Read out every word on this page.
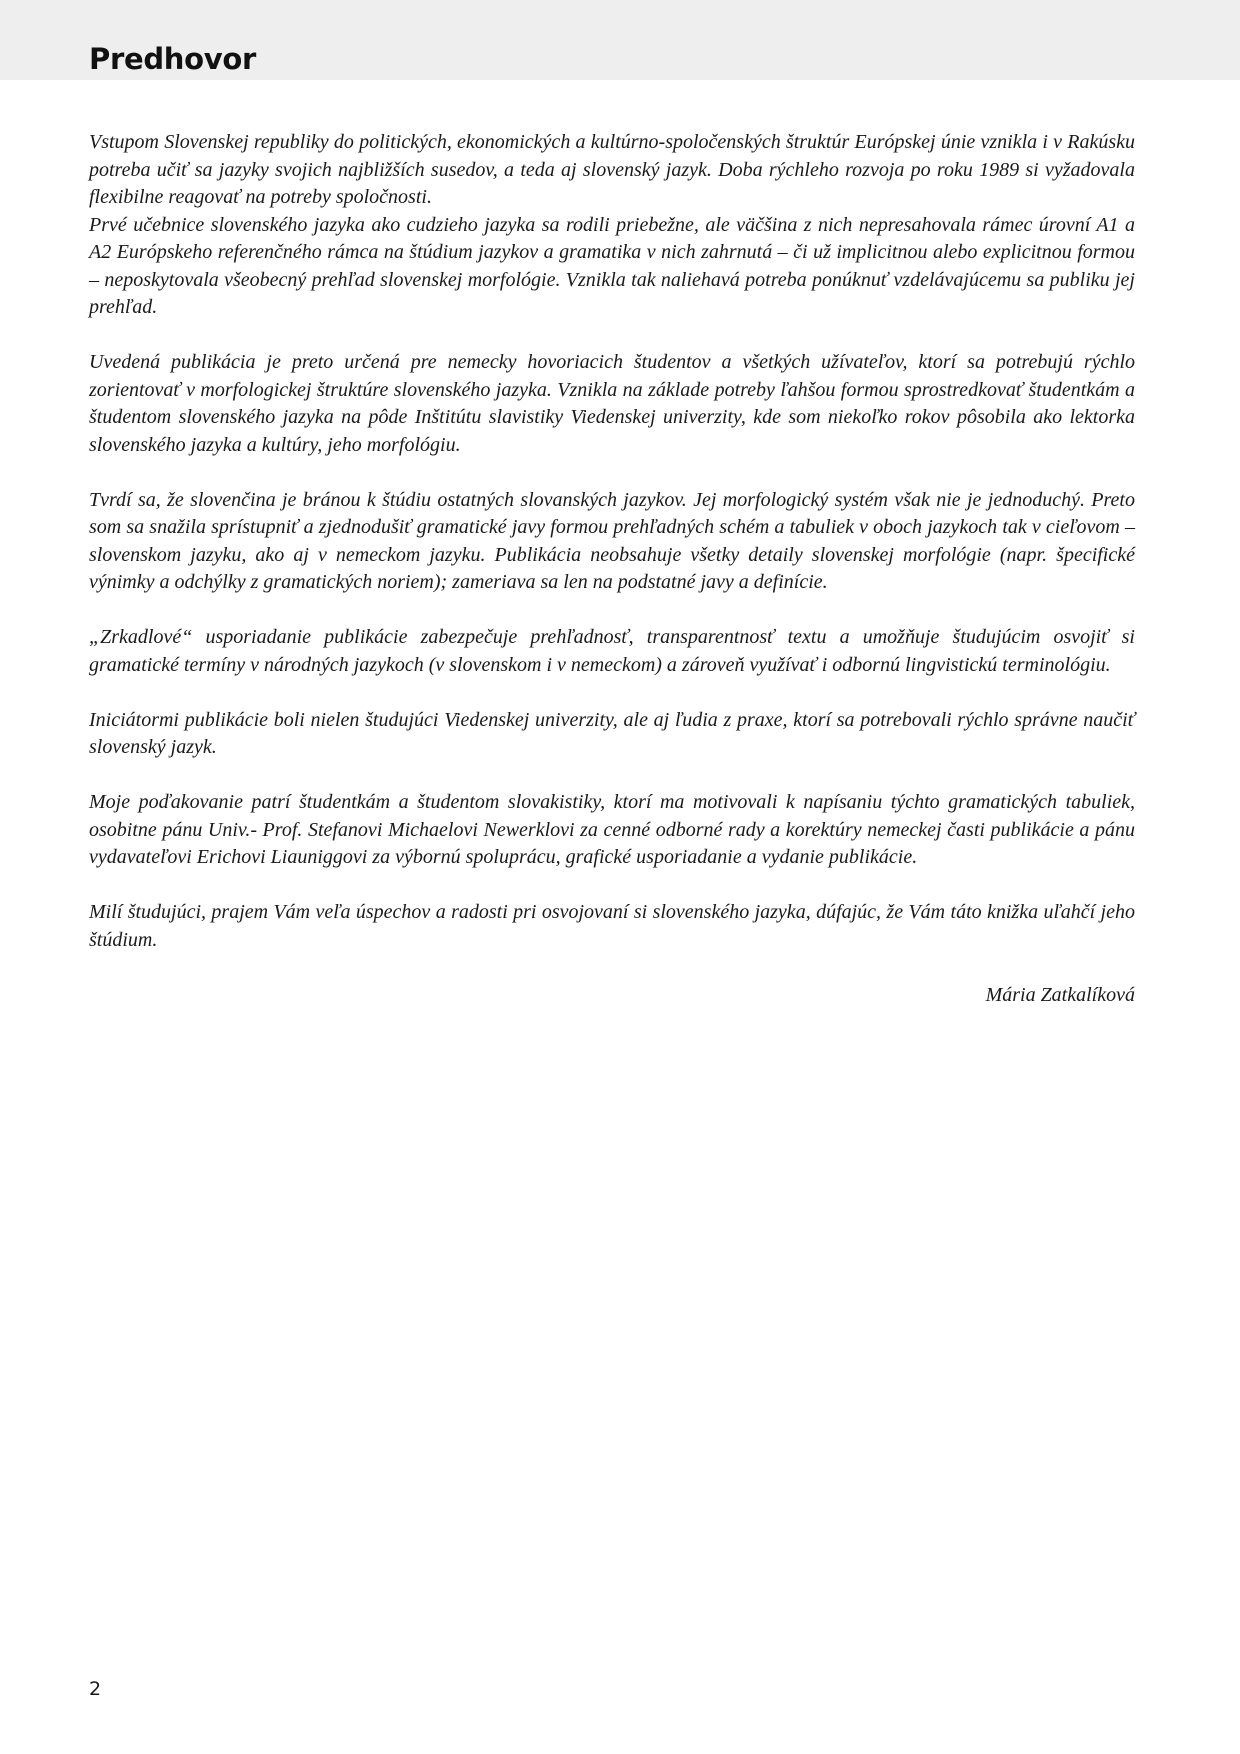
Predhovor

Vstupom Slovenskej republiky do politických, ekonomických a kultúrno-spoločenských štruktúr Európskej únie vznikla i v Rakúsku potreba učiť sa jazyky svojich najbližších susedov, a teda aj slovenský jazyk. Doba rýchleho rozvoja po roku 1989 si vyžadovala flexibilne reagovať na potreby spoločnosti.

Prvé učebnice slovenského jazyka ako cudzieho jazyka sa rodili priebežne, ale väčšina z nich nepresahovala rámec úrovní A1 a A2 Európskeho referenčného rámca na štúdium jazykov a gramatika v nich zahrnutá – či už implicitnou alebo explicitnou formou – neposkytovala všeobecný prehľad slovenskej morfológie. Vznikla tak naliehavá potreba ponúknuť vzdelávajúcemu sa publiku jej prehľad.

Uvedená publikácia je preto určená pre nemecky hovoriacich študentov a všetkých užívateľov, ktorí sa potrebujú rýchlo zorientovať v morfologickej štruktúre slovenského jazyka. Vznikla na základe potreby ľahšou formou sprostredkovať študentkám a študentom slovenského jazyka na pôde Inštitútu slavistiky Viedenskej univerzity, kde som niekoľko rokov pôsobila ako lektorka slovenského jazyka a kultúry, jeho morfológiu.

Tvrdí sa, že slovenčina je bránou k štúdiu ostatných slovanských jazykov. Jej morfologický systém však nie je jednoduchý. Preto som sa snažila sprístupniť a zjednodušiť gramatické javy formou prehľadných schém a tabuliek v oboch jazykoch tak v cieľovom – slovenskom jazyku, ako aj v nemeckom jazyku. Publikácia neobsahuje všetky detaily slovenskej morfológie (napr. špecifické výnimky a odchýlky z gramatických noriem); zameriava sa len na podstatné javy a definície.

„Zrkadlové“ usporiadanie publikácie zabezpečuje prehľadnosť, transparentnosť textu a umožňuje študujúcim osvojiť si gramatické termíny v národných jazykoch (v slovenskom i v nemeckom) a zároveň využívať i odbornú lingvistickú terminológiu.

Iniciátormi publikácie boli nielen študujúci Viedenskej univerzity, ale aj ľudia z praxe, ktorí sa potrebovali rýchlo správne naučiť slovenský jazyk.

Moje poďakovanie patrí študentkám a študentom slovakistiky, ktorí ma motivovali k napísaniu týchto gramatických tabuliek, osobitne pánu Univ.- Prof. Stefanovi Michaelovi Newerklovi za cenné odborné rady a korektúry nemeckej časti publikácie a pánu vydavateľovi Erichovi Liauniggovi za výbornú spoluprácu, grafické usporiadanie a vydanie publikácie.

Milí študujúci, prajem Vám veľa úspechov a radosti pri osvojovaní si slovenského jazyka, dúfajúc, že Vám táto knižka uľahčí jeho štúdium.

Mária Zatkalíková

2
